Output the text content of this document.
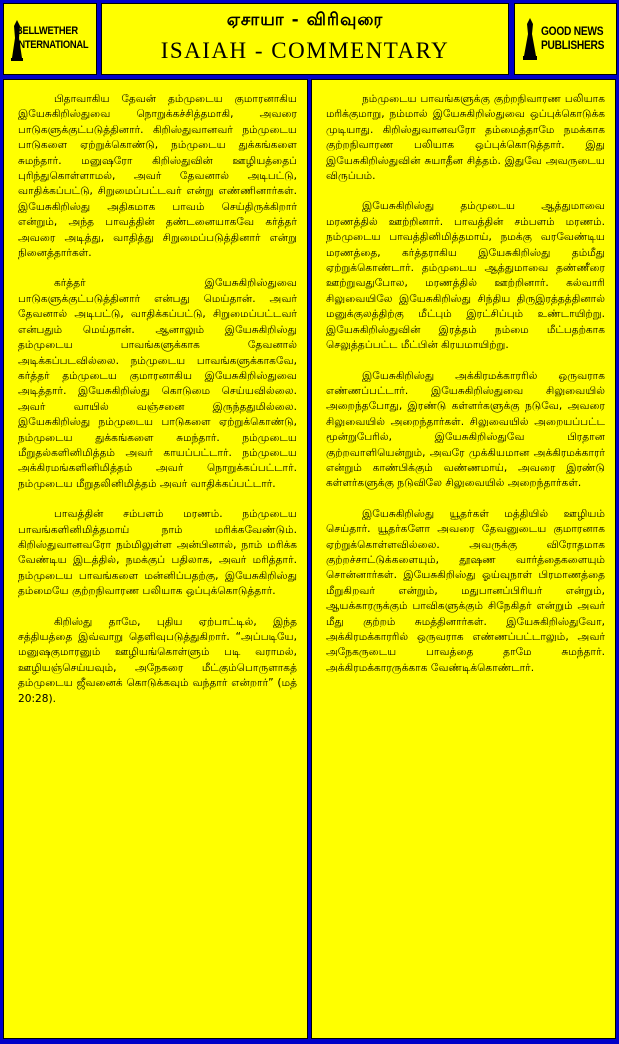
BELLWETHER
INTERNATIONAL
ஏசாயா - விரிவுரை
ISAIAH - COMMENTARY
GOOD NEWS
PUBLISHERS

பிதாவாகிய தேவன் தம்முடைய குமாரனாகிய இயேசுகிறிஸ்துவை நொறுக்கச்சித்தமாகி, அவரை பாடுகளுக்குட்படுத்தினார். கிறிஸ்துவானவர் நம்முடைய பாடுகளை ஏற்றுக்கொண்டு, நம்முடைய துக்கங்களை சுமந்தார். மனுஷரோ கிறிஸ்துவின் ஊழியத்தைப் புரிந்துகொள்ளாமல், அவர் தேவனால் அடிபட்டு, வாதிக்கப்பட்டு, சிறுமைப்பட்டவர் என்று எண்ணினார்கள். இயேசுகிறிஸ்து அதிகமாக பாவம் செய்திருக்கிறார் என்றும், அந்த பாவத்தின் தண்டனையாகவே கர்த்தர் அவரை அடித்து, வாதித்து சிறுமைப்படுத்தினார் என்று நினைத்தார்கள்.

கர்த்தர் இயேசுகிறிஸ்துவை பாடுகளுக்குட்படுத்தினார் என்பது மெய்தான். அவர் தேவனால் அடிபட்டு, வாதிக்கப்பட்டு, சிறுமைப்பட்டவர் என்பதும் மெய்தான். ஆனாலும் இயேசுகிறிஸ்து தம்முடைய பாவங்களுக்காக தேவனால் அடிக்கப்படவில்லை. நம்முடைய பாவங்களுக்காகவே, கர்த்தர் தம்முடைய குமாரனாகிய இயேசுகிறிஸ்துவை அடித்தார். இயேசுகிறிஸ்து கொடுமை செய்யவில்லை. அவர் வாயில் வஞ்சனை இருந்ததுமில்லை. இயேசுகிறிஸ்து நம்முடைய பாடுகளை ஏற்றுக்கொண்டு, நம்முடைய துக்கங்களை சுமந்தார். நம்முடைய மீறுதல்களினிமித்தம் அவர் காயப்பட்டார். நம்முடைய அக்கிரமங்களினிமித்தம் அவர் நொறுக்கப்பட்டார். நம்முடைய மீறுதலினிமித்தம் அவர் வாதிக்கப்பட்டார்.

பாவத்தின் சம்பளம் மரணம். நம்முடைய பாவங்களினிமித்தமாய் நாம் மரிக்கவேண்டும். கிறிஸ்துவானவரோ நம்மிலுள்ள அன்பினால், நாம் மரிக்க வேண்டிய இடத்தில், நமக்குப் பதிலாக, அவர் மரித்தார். நம்முடைய பாவங்களை மன்னிப்பதற்கு, இயேசுகிறிஸ்து தம்மையே குற்றநிவாரண பலியாக ஒப்புக்கொடுத்தார்.

கிறிஸ்து தாமே, புதிய ஏற்பாட்டில், இந்த சத்தியத்தை இவ்வாறு தெளிவுபடுத்துகிறார். “அப்படியே, மனுஷகுமாரனும் ஊழியங்கொள்ளும் படி வராமல், ஊழியஞ்செய்யவும், அநேகரை மீட்கும்பொருளாகத் தம்முடைய ஜீவனைக் கொடுக்கவும் வந்தார் என்றார்” (மத் 20:28).

நம்முடைய பாவங்களுக்கு குற்றநிவாரண பலியாக மரிக்குமாறு, நம்மால் இயேசுகிறிஸ்துவை ஒப்புக்கொடுக்க முடியாது. கிறிஸ்துவானவரோ தம்மைத்தாமே நமக்காக குற்றநிவாரண பலியாக ஒப்புக்கொடுத்தார். இது இயேசுகிறிஸ்துவின் சுயாதீன சித்தம். இதுவே அவருடைய விருப்பம்.

இயேசுகிறிஸ்து தம்முடைய ஆத்துமாவை மரணத்தில் ஊற்றினார். பாவத்தின் சம்பளம் மரணம். நம்முடைய பாவத்தினிமித்தமாய், நமக்கு வரவேண்டிய மரணத்தை, கர்த்தராகிய இயேசுகிறிஸ்து தம்மீது ஏற்றுக்கொண்டார். தம்முடைய ஆத்துமாவை தண்ணீரை ஊற்றுவதுபோல, மரணத்தில் ஊற்றினார். கல்வாரி சிலுவையிலே இயேசுகிறிஸ்து சிந்திய திருஇரத்தத்தினால் மனுக்குலத்திற்கு மீட்பும் இரட்சிப்பும் உண்டாயிற்று. இயேசுகிறிஸ்துவின் இரத்தம் நம்மை மீட்பதற்காக செலுத்தப்பட்ட மீட்பின் கிரயமாயிற்று.

இயேசுகிறிஸ்து அக்கிரமக்காரரில் ஒருவராக எண்ணப்பட்டார். இயேசுகிறிஸ்துவை சிலுவையில் அறைந்தபோது, இரண்டு கள்ளர்களுக்கு நடுவே, அவரை சிலுவையில் அறைந்தார்கள். சிலுவையில் அறையப்பட்ட மூன்றுபேரில், இயேசுகிறிஸ்துவே பிரதான குற்றவாளியென்றும், அவரே முக்கியமான அக்கிரமக்காரர் என்றும் காண்பிக்கும் வண்ணமாய், அவரை இரண்டு கள்ளர்களுக்கு நடுவிலே சிலுவையில் அறைந்தார்கள்.

இயேசுகிறிஸ்து யூதர்கள் மத்தியில் ஊழியம் செய்தார். யூதர்களோ அவரை தேவனுடைய குமாரனாக ஏற்றுக்கொள்ளவில்லை. அவருக்கு விரோதமாக குற்றச்சாட்டுக்களையும், தூஷண வார்த்தைகளையும் சொன்னார்கள். இயேசுகிறிஸ்து ஓய்வுநாள் பிரமாணத்தை மீறுகிறவர் என்றும், மதுபானப்பிரியர் என்றும், ஆயக்காரருக்கும் பாவிகளுக்கும் சிநேகிதர் என்றும் அவர் மீது குற்றம் சுமத்தினார்கள். இயேசுகிறிஸ்துவோ, அக்கிரமக்காரரில் ஒருவராக எண்ணப்பட்டாலும், அவர் அநேகருடைய பாவத்தை தாமே சுமந்தார். அக்கிரமக்காரருக்காக வேண்டிக்கொண்டார்.
